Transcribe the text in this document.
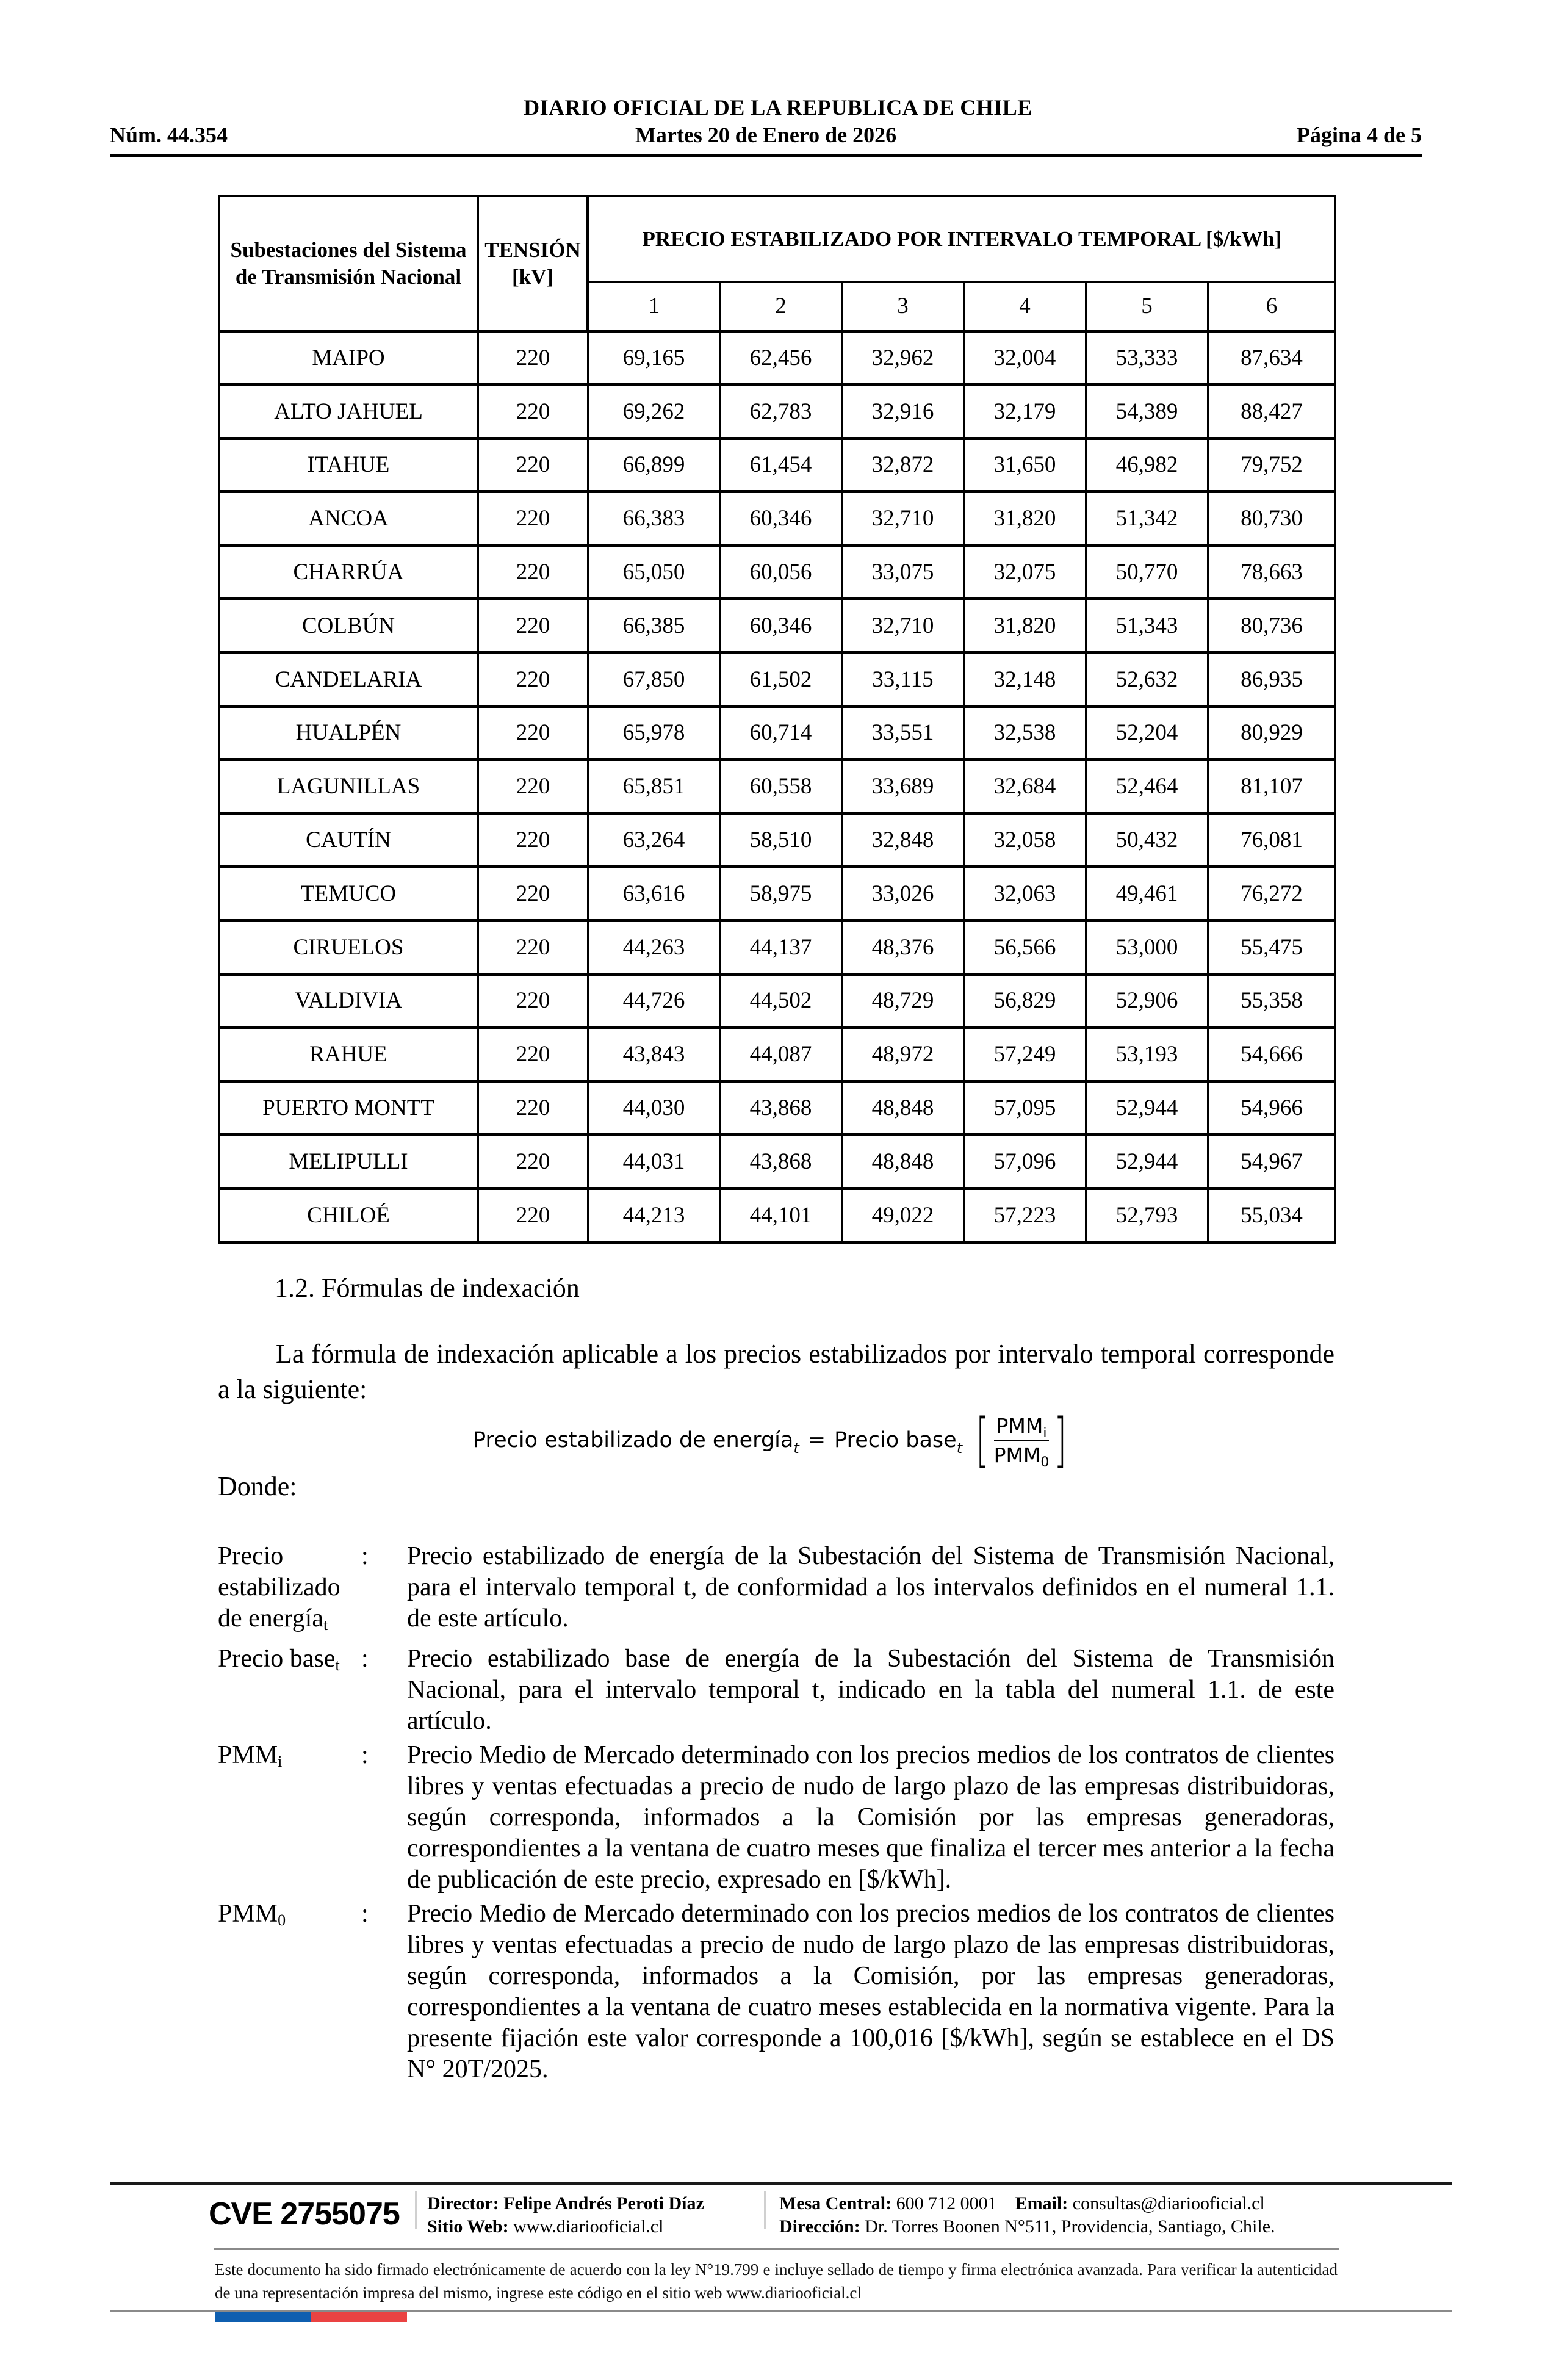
DIARIO OFICIAL DE LA REPUBLICA DE CHILE
Núm. 44.354	Martes 20 de Enero de 2026	Página 4 de 5
Subestaciones del Sistema de Transmisión Nacional	TENSIÓN [kV]	PRECIO ESTABILIZADO POR INTERVALO TEMPORAL [$/kWh]					
		1	2	3	4	5	6
MAIPO	220	69,165	62,456	32,962	32,004	53,333	87,634
ALTO JAHUEL	220	69,262	62,783	32,916	32,179	54,389	88,427
ITAHUE	220	66,899	61,454	32,872	31,650	46,982	79,752
ANCOA	220	66,383	60,346	32,710	31,820	51,342	80,730
CHARRÚA	220	65,050	60,056	33,075	32,075	50,770	78,663
COLBÚN	220	66,385	60,346	32,710	31,820	51,343	80,736
CANDELARIA	220	67,850	61,502	33,115	32,148	52,632	86,935
HUALPÉN	220	65,978	60,714	33,551	32,538	52,204	80,929
LAGUNILLAS	220	65,851	60,558	33,689	32,684	52,464	81,107
CAUTÍN	220	63,264	58,510	32,848	32,058	50,432	76,081
TEMUCO	220	63,616	58,975	33,026	32,063	49,461	76,272
CIRUELOS	220	44,263	44,137	48,376	56,566	53,000	55,475
VALDIVIA	220	44,726	44,502	48,729	56,829	52,906	55,358
RAHUE	220	43,843	44,087	48,972	57,249	53,193	54,666
PUERTO MONTT	220	44,030	43,868	48,848	57,095	52,944	54,966
MELIPULLI	220	44,031	43,868	48,848	57,096	52,944	54,967
CHILOÉ	220	44,213	44,101	49,022	57,223	52,793	55,034
1.2. Fórmulas de indexación
La fórmula de indexación aplicable a los precios estabilizados por intervalo temporal corresponde a la siguiente:
Precio estabilizado de energía$_t$ = Precio base$_t$ [ $\frac{PMM_i}{PMM_0}$ ]
Donde:
Precio estabilizado de energía$_t$
:	Precio estabilizado de energía de la Subestación del Sistema de Transmisión Nacional, para el intervalo temporal t, de conformidad a los intervalos definidos en el numeral 1.1. de este artículo.
Precio base$_t$ :	Precio estabilizado base de energía de la Subestación del Sistema de Transmisión Nacional, para el intervalo temporal t, indicado en la tabla del numeral 1.1. de este artículo.
$PMM_i$	:	Precio Medio de Mercado determinado con los precios medios de los contratos de clientes libres y ventas efectuadas a precio de nudo de largo plazo de las empresas distribuidoras, según corresponda, informados a la Comisión por las empresas generadoras, correspondientes a la ventana de cuatro meses que finaliza el tercer mes anterior a la fecha de publicación de este precio, expresado en [$/kWh].
$PMM_0$	:	Precio Medio de Mercado determinado con los precios medios de los contratos de clientes libres y ventas efectuadas a precio de nudo de largo plazo de las empresas distribuidoras, según corresponda, informados a la Comisión, por las empresas generadoras, correspondientes a la ventana de cuatro meses establecida en la normativa vigente. Para la presente fijación este valor corresponde a 100,016 [$/kWh], según se establece en el DS N° 20T/2025.
CVE 2755075 Director: Felipe Andrés Peroti Díaz
Sitio Web: www.diariooficial.cl
Mesa Central: 600 712 0001 Email: consultas@diariooficial.cl
Dirección: Dr. Torres Boonen N°511, Providencia, Santiago, Chile.
Este documento ha sido firmado electrónicamente de acuerdo con la ley N°19.799 e incluye sellado de tiempo y firma electrónica avanzada. Para verificar la autenticidad de una representación impresa del mismo, ingrese este código en el sitio web www.diariooficial.cl
